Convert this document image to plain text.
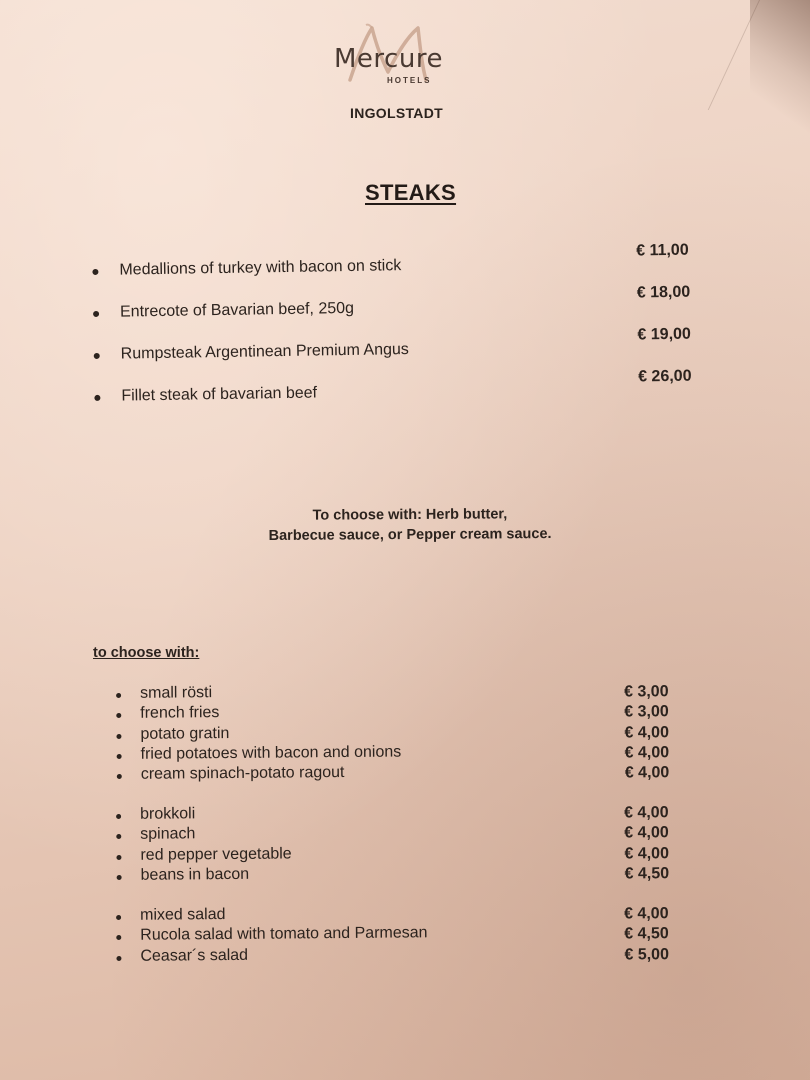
Mercure
HOTELS
INGOLSTADT
STEAKS
Medallions of turkey with bacon on stick
€ 11,00
Entrecote of Bavarian beef, 250g
€ 18,00
Rumpsteak Argentinean Premium Angus
€ 19,00
Fillet steak of bavarian beef
€ 26,00
To choose with: Herb butter,
Barbecue sauce, or Pepper cream sauce.
to choose with:
small rösti	€ 3,00
french fries	€ 3,00
potato gratin	€ 4,00
fried potatoes with bacon and onions	€ 4,00
cream spinach-potato ragout	€ 4,00
brokkoli	€ 4,00
spinach	€ 4,00
red pepper vegetable	€ 4,00
beans in bacon	€ 4,50
mixed salad	€ 4,00
Rucola salad with tomato and Parmesan	€ 4,50
Ceasar´s salad	€ 5,00
